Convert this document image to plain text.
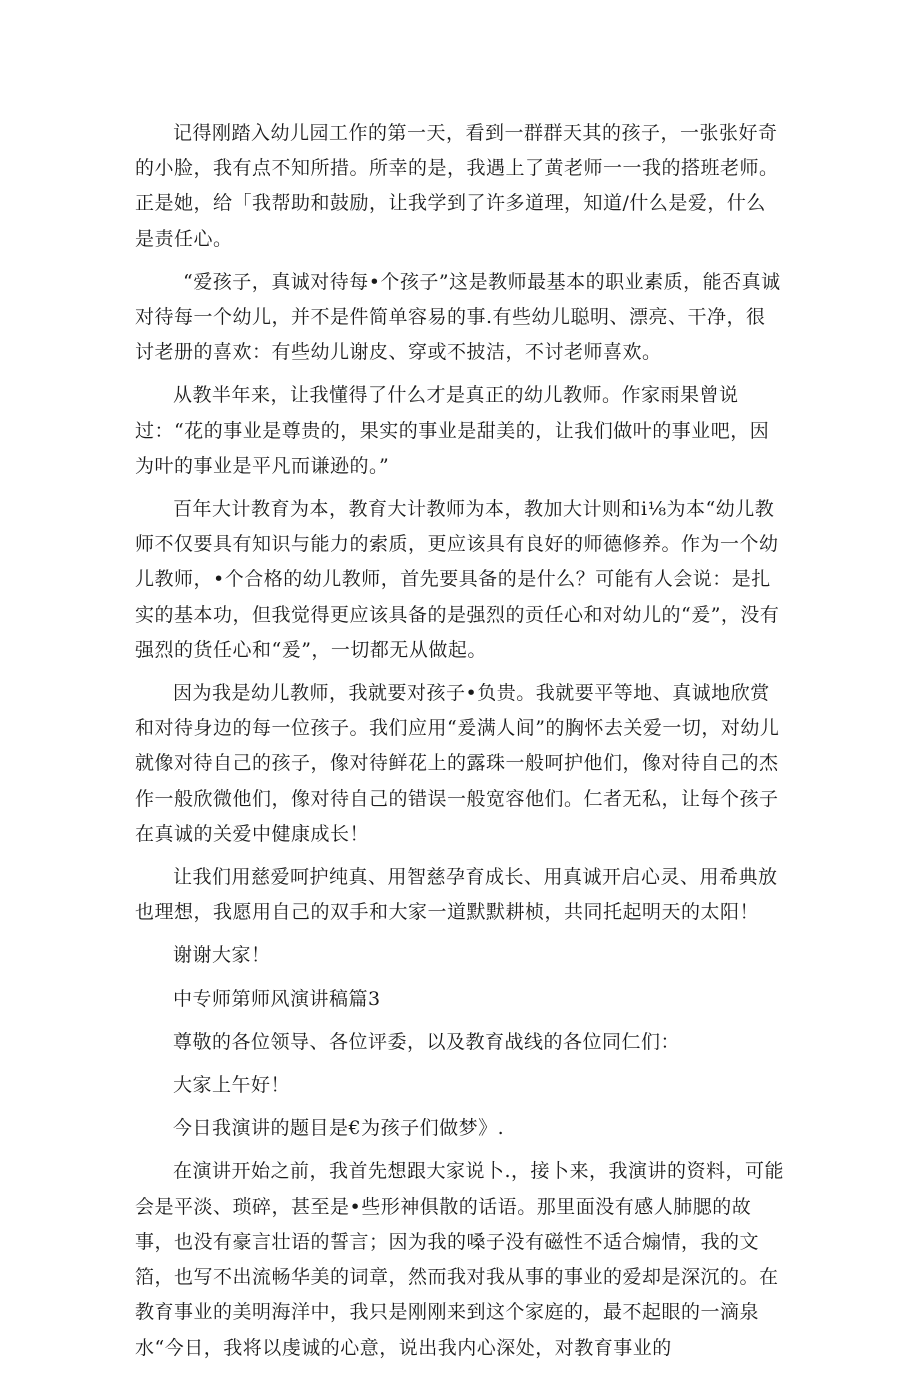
记得刚踏入幼儿园工作的第一天，看到一群群天其的孩子，一张张好奇的小脸，我有点不知所措。所幸的是，我遇上了黄老师一一我的搭班老师。正是她，给「我帮助和鼓励，让我学到了许多道理，知道/什么是爱，什么是责任心。

“爱孩子，真诚对待每•个孩子”这是教师最基本的职业素质，能否真诚对待每一个幼儿，并不是件简单容易的事.有些幼儿聪明、漂亮、干净，很讨老册的喜欢：有些幼儿谢皮、穿或不披洁，不讨老师喜欢。

从教半年来，让我懂得了什么才是真正的幼儿教师。作家雨果曾说过：“花的事业是尊贵的，果实的事业是甜美的，让我们做叶的事业吧，因为叶的事业是平凡而谦逊的。”

百年大计教育为本，教育大计教师为本，教加大计则和i⅛为本“幼儿教师不仅要具有知识与能力的索质，更应该具有良好的师德修养。作为一个幼儿教师，•个合格的幼儿教师，首先要具备的是什么？可能有人会说：是扎实的基本功，但我觉得更应该具备的是强烈的贡任心和对幼儿的“爰”，没有强烈的货任心和“爰”，一切都无从做起。

因为我是幼儿教师，我就要对孩子•负贵。我就要平等地、真诚地欣赏和对待身边的每一位孩子。我们应用“爰满人间”的胸怀去关爱一切，对幼儿就像对待自己的孩子，像对待鲜花上的露珠一般呵护他们，像对待自己的杰作一般欣微他们，像对待自己的错误一般宽容他们。仁者无私，让每个孩子在真诚的关爱中健康成长！

让我们用慈爱呵护纯真、用智慈孕育成长、用真诚开启心灵、用希典放也理想，我愿用自己的双手和大家一道默默耕桢，共同托起明天的太阳！

谢谢大家！

中专师第师风演讲稿篇3

尊敬的各位领导、各位评委，以及教育战线的各位同仁们：

大家上午好！

今日我演讲的题目是€为孩子们做梦》.

在演讲开始之前，我首先想跟大家说卜.，接卜来，我演讲的资料，可能会是平淡、琐碎，甚至是•些形神俱散的话语。那里面没有感人肺腮的故事，也没有豪言壮语的誓言；因为我的嗓子没有磁性不适合煽情，我的文箔，也写不出流畅华美的词章，然而我对我从事的事业的爱却是深沉的。在教育事业的美明海洋中，我只是刚刚来到这个家庭的，最不起眼的一滴泉水“今日，我将以虔诚的心意，说出我内心深处，对教育事业的
